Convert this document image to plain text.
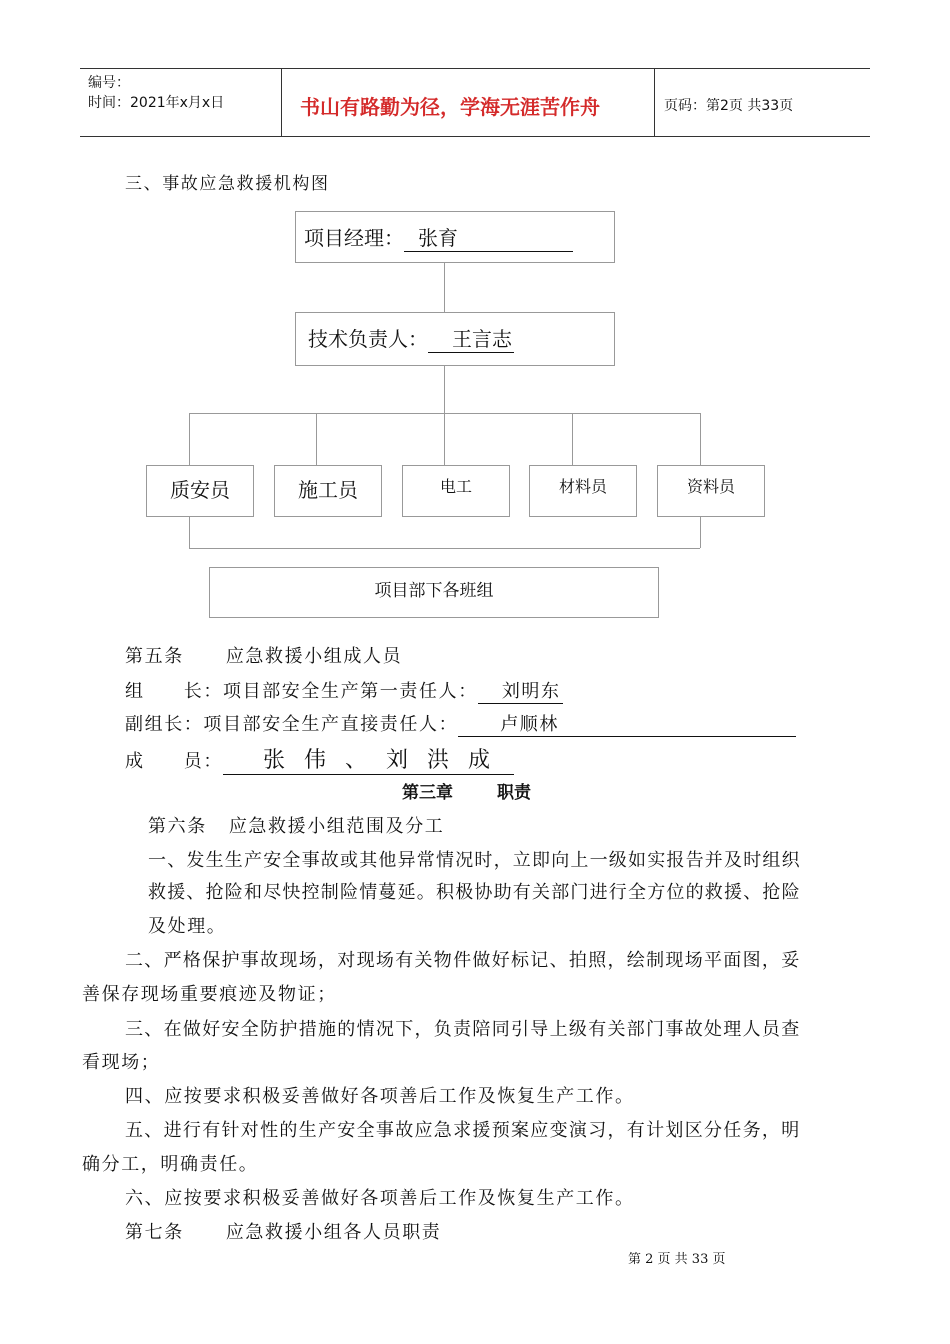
编号：
时间：2021年x月x日	书山有路勤为径，学海无涯苦作舟	页码：第2页 共33页
三、事故应急救援机构图
项目经理： 张育
技术负责人： 王言志
质安员	施工员	电工	材料员	资料员
项目部下各班组
第五条 应急救援小组成人员
组　　长：项目部安全生产第一责任人： 刘明东
副组长：项目部安全生产直接责任人： 卢顺林
成　　员： 张 伟 、 刘 洪 成
第三章	职责
第六条 应急救援小组范围及分工
一、发生生产安全事故或其他异常情况时，立即向上一级如实报告并及时组织
救援、抢险和尽快控制险情蔓延。积极协助有关部门进行全方位的救援、抢险
及处理。
二、严格保护事故现场，对现场有关物件做好标记、拍照，绘制现场平面图，妥
善保存现场重要痕迹及物证；
三、在做好安全防护措施的情况下，负责陪同引导上级有关部门事故处理人员查
看现场；
四、应按要求积极妥善做好各项善后工作及恢复生产工作。
五、进行有针对性的生产安全事故应急求援预案应变演习，有计划区分任务，明
确分工，明确责任。
六、应按要求积极妥善做好各项善后工作及恢复生产工作。
第七条 应急救援小组各人员职责
第 2 页 共 33 页
